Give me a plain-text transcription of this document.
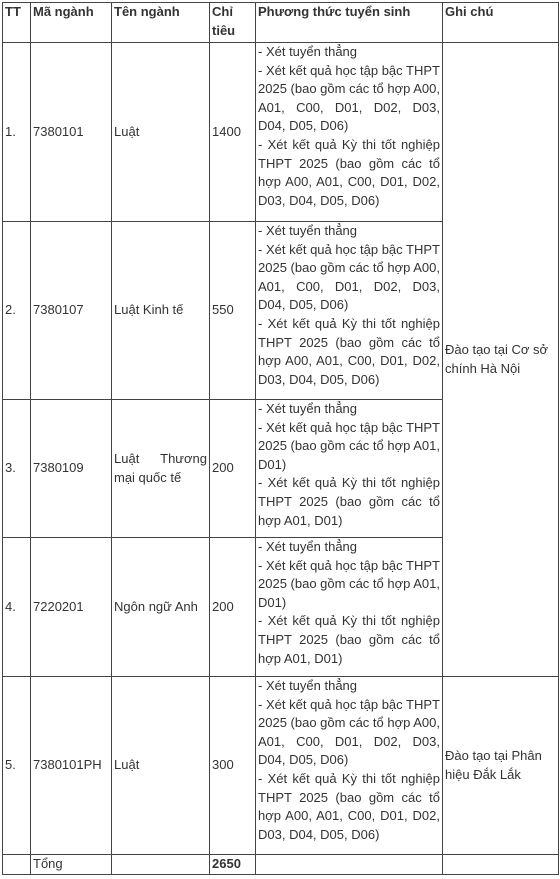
TT	Mã ngành	Tên ngành	Chỉ tiêu	Phương thức tuyển sinh	Ghi chú
1.	7380101	Luật	1400	- Xét tuyển thẳng
- Xét kết quả học tập bậc THPT 2025 (bao gồm các tổ hợp A00, A01, C00, D01, D02, D03, D04, D05, D06)
- Xét kết quả Kỳ thi tốt nghiệp THPT 2025 (bao gồm các tổ hợp A00, A01, C00, D01, D02, D03, D04, D05, D06)	Đào tạo tại Cơ sở chính Hà Nội
2.	7380107	Luật Kinh tế	550	- Xét tuyển thẳng
- Xét kết quả học tập bậc THPT 2025 (bao gồm các tổ hợp A00, A01, C00, D01, D02, D03, D04, D05, D06)
- Xét kết quả Kỳ thi tốt nghiệp THPT 2025 (bao gồm các tổ hợp A00, A01, C00, D01, D02, D03, D04, D05, D06)	

3.	7380109	Luật Thương mại quốc tế	200	- Xét tuyển thẳng
- Xét kết quả học tập bậc THPT 2025 (bao gồm các tổ hợp A01, D01)
- Xét kết quả Kỳ thi tốt nghiệp THPT 2025 (bao gồm các tổ hợp A01, D01)	

4.	7220201	Ngôn ngữ Anh	200	- Xét tuyển thẳng
- Xét kết quả học tập bậc THPT 2025 (bao gồm các tổ hợp A01, D01)
- Xét kết quả Kỳ thi tốt nghiệp THPT 2025 (bao gồm các tổ hợp A01, D01)	

5.	7380101PH	Luật	300	- Xét tuyển thẳng
- Xét kết quả học tập bậc THPT 2025 (bao gồm các tổ hợp A00, A01, C00, D01, D02, D03, D04, D05, D06)
- Xét kết quả Kỳ thi tốt nghiệp THPT 2025 (bao gồm các tổ hợp A00, A01, C00, D01, D02, D03, D04, D05, D06)	Đào tạo tại Phân hiệu Đắk Lắk
	Tổng		2650		
